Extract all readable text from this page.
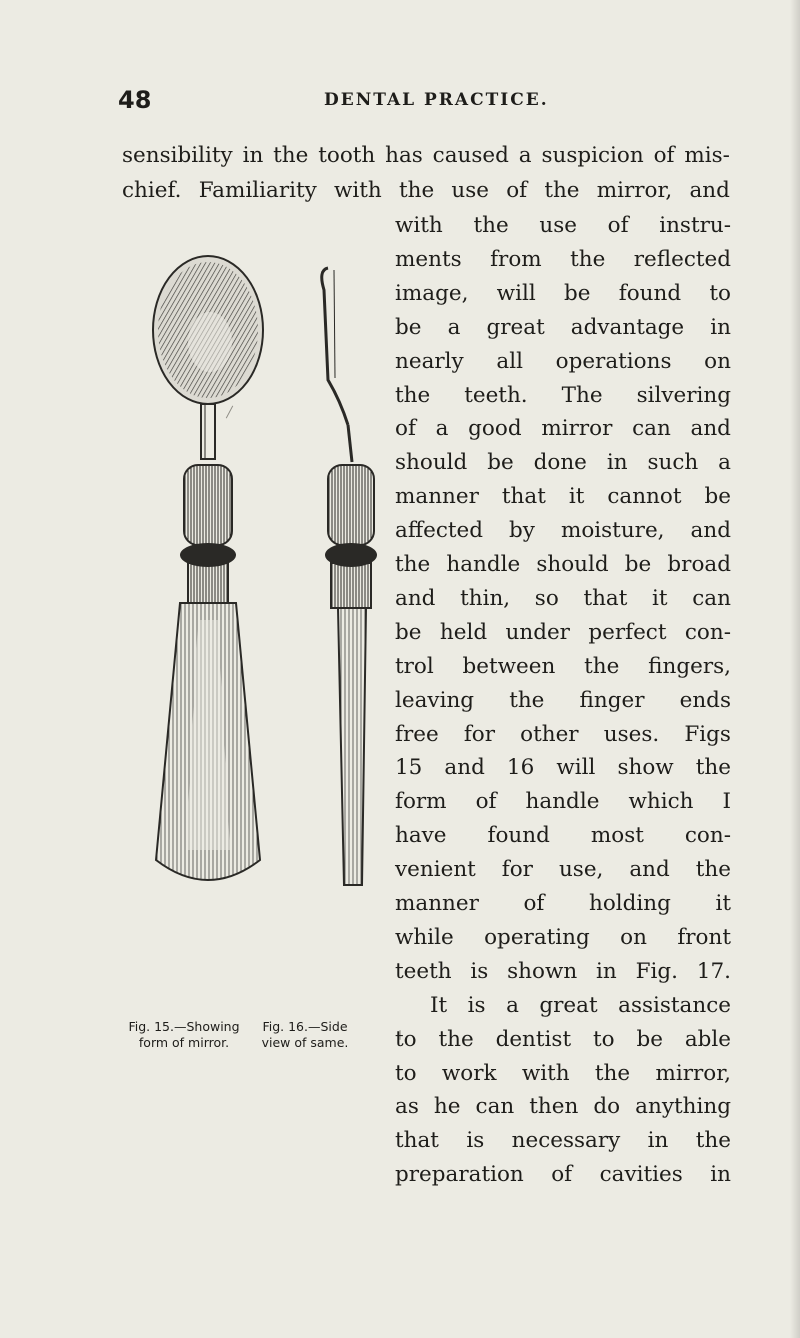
48	DENTAL PRACTICE.
sensibility in the tooth has caused a suspicion of mis-
chief. Familiarity with the use of the mirror, and
with the use of instru-
ments from the reflected
image, will be found to
be a great advantage in
nearly all operations on
the teeth. The silvering
of a good mirror can and
should be done in such a
manner that it cannot be
affected by moisture, and
the handle should be broad
and thin, so that it can
be held under perfect con-
trol between the fingers,
leaving the finger ends
free for other uses. Figs
15 and 16 will show the
form of handle which I
have found most con-
venient for use, and the
manner of holding it
while operating on front
teeth is shown in Fig. 17.
It is a great assistance
to the dentist to be able
to work with the mirror,
as he can then do anything
that is necessary in the
preparation of cavities in
Fig. 15.—Showing
form of mirror.
Fig. 16.—Side
view of same.
